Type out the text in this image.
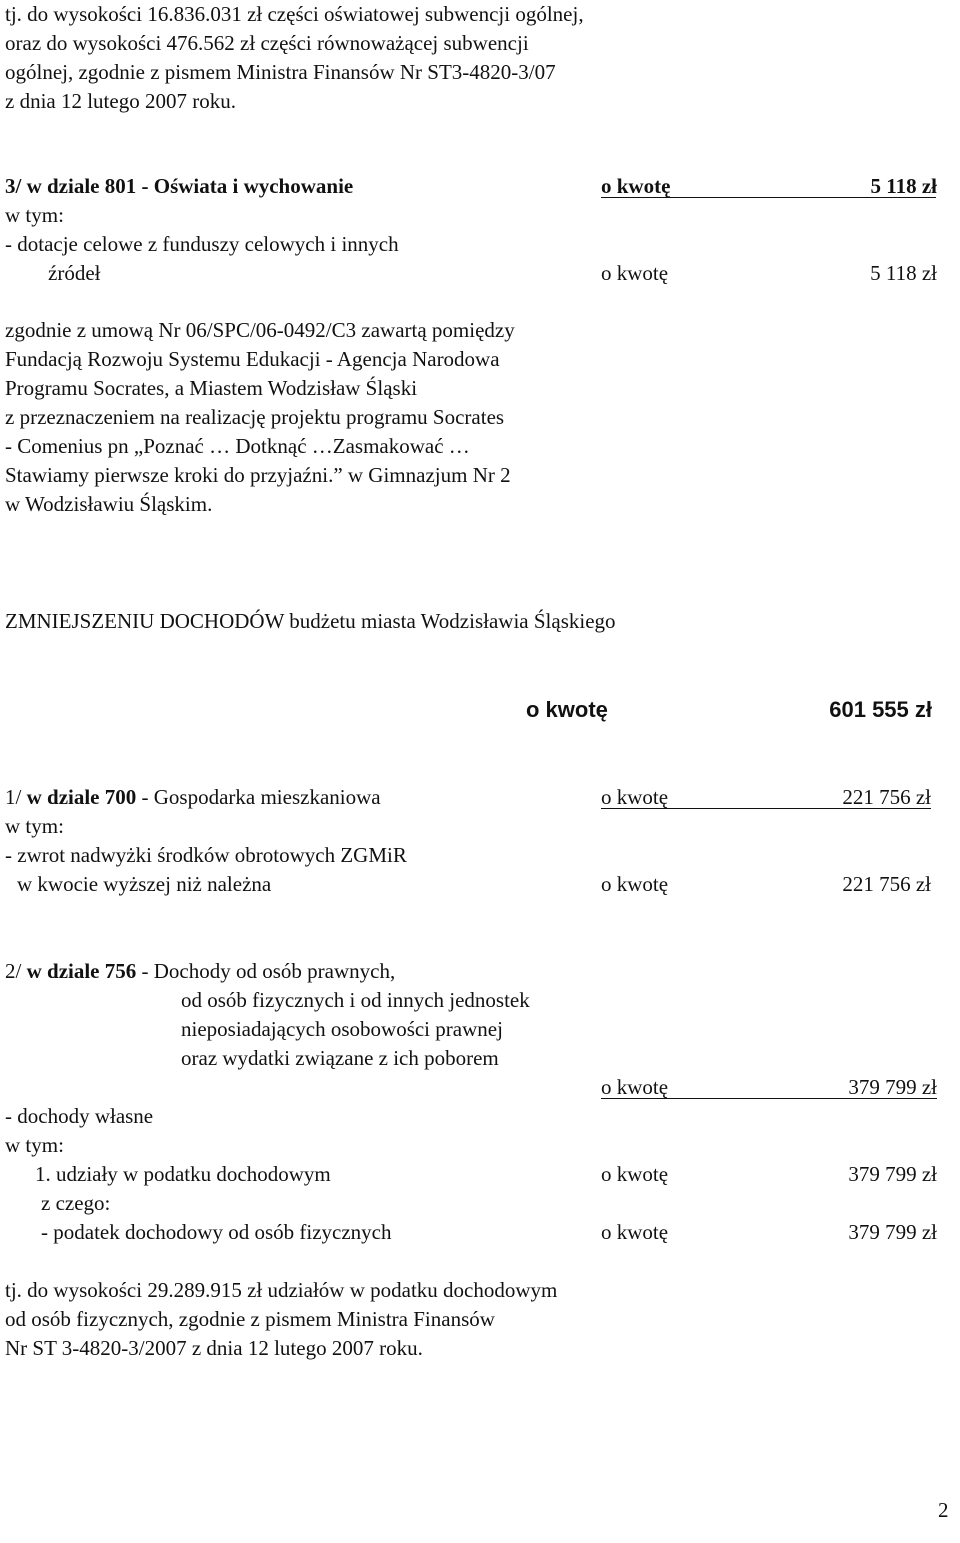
tj. do wysokości 16.836.031 zł części oświatowej subwencji ogólnej,
oraz do wysokości 476.562 zł części równoważącej subwencji
ogólnej, zgodnie z pismem Ministra Finansów Nr ST3-4820-3/07
z dnia 12 lutego 2007 roku.
3/ w dziale 801 - Oświata i wychowanie	o kwotę	5 118 zł
w tym:
- dotacje celowe z funduszy celowych i innych
źródeł	o kwotę	5 118 zł
zgodnie z umową Nr 06/SPC/06-0492/C3 zawartą pomiędzy
Fundacją Rozwoju Systemu Edukacji - Agencja Narodowa
Programu Socrates, a Miastem Wodzisław Śląski
z przeznaczeniem na realizację projektu programu Socrates
- Comenius pn „Poznać … Dotknąć …Zasmakować …
Stawiamy pierwsze kroki do przyjaźni.” w Gimnazjum Nr 2
w Wodzisławiu Śląskim.
ZMNIEJSZENIU DOCHODÓW budżetu miasta Wodzisławia Śląskiego
o kwotę	601 555 zł
1/ w dziale 700 - Gospodarka mieszkaniowa	o kwotę	221 756 zł
w tym:
- zwrot nadwyżki środków obrotowych ZGMiR
w kwocie wyższej niż należna	o kwotę	221 756 zł
2/ w dziale 756 - Dochody od osób prawnych,
od osób fizycznych i od innych jednostek
nieposiadających osobowości prawnej
oraz wydatki związane z ich poborem
o kwotę	379 799 zł
- dochody własne
w tym:
1. udziały w podatku dochodowym	o kwotę	379 799 zł
z czego:
- podatek dochodowy od osób fizycznych	o kwotę	379 799 zł
tj. do wysokości 29.289.915 zł udziałów w podatku dochodowym
od osób fizycznych, zgodnie z pismem Ministra Finansów
Nr ST 3-4820-3/2007 z dnia 12 lutego 2007 roku.
2
